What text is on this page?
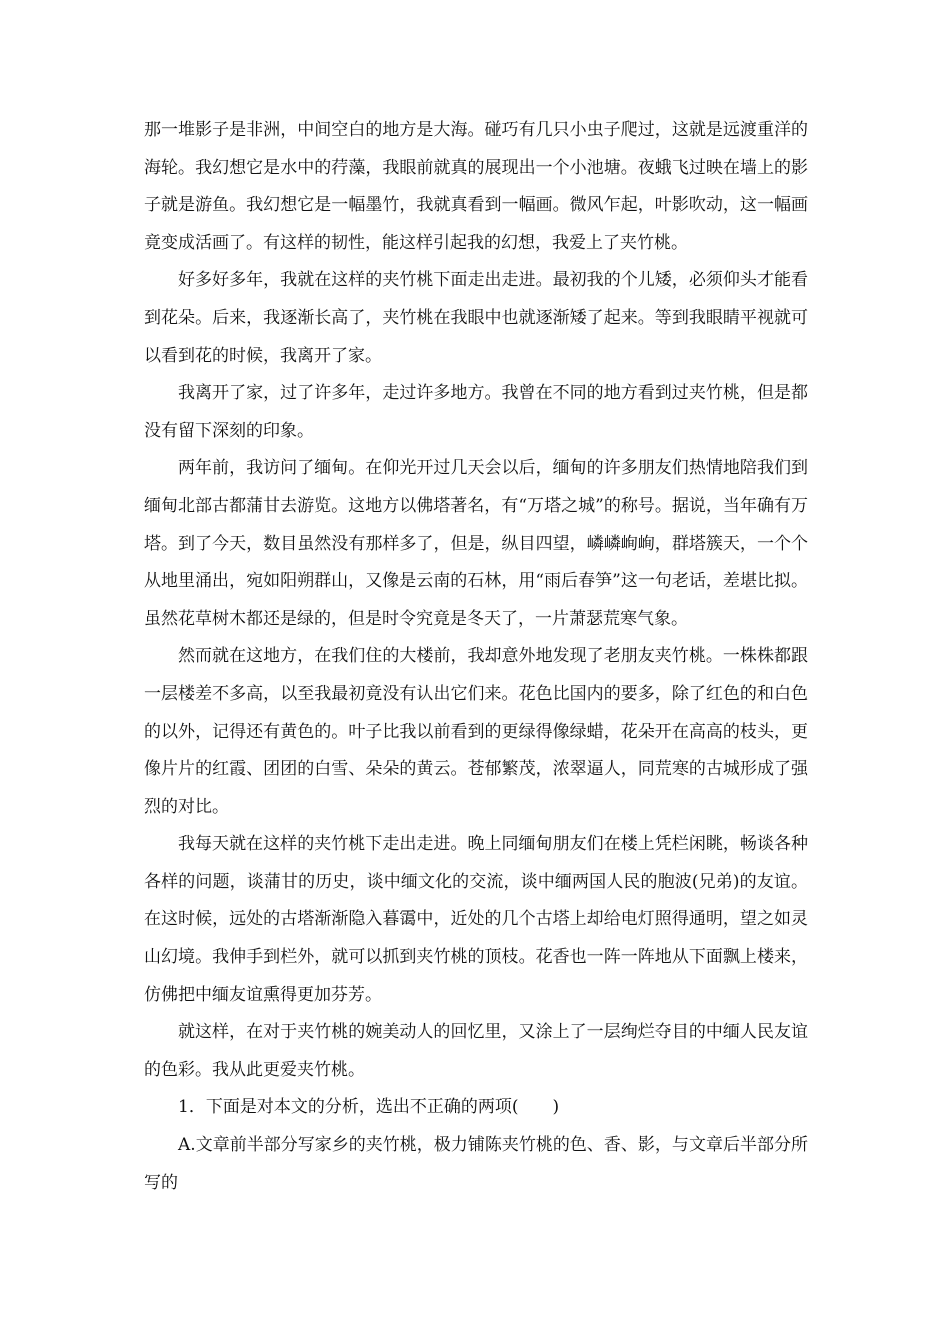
那一堆影子是非洲，中间空白的地方是大海。碰巧有几只小虫子爬过，这就是远渡重洋的海轮。我幻想它是水中的荇藻，我眼前就真的展现出一个小池塘。夜蛾飞过映在墙上的影子就是游鱼。我幻想它是一幅墨竹，我就真看到一幅画。微风乍起，叶影吹动，这一幅画竟变成活画了。有这样的韧性，能这样引起我的幻想，我爱上了夹竹桃。

好多好多年，我就在这样的夹竹桃下面走出走进。最初我的个儿矮，必须仰头才能看到花朵。后来，我逐渐长高了，夹竹桃在我眼中也就逐渐矮了起来。等到我眼睛平视就可以看到花的时候，我离开了家。

我离开了家，过了许多年，走过许多地方。我曾在不同的地方看到过夹竹桃，但是都没有留下深刻的印象。

两年前，我访问了缅甸。在仰光开过几天会以后，缅甸的许多朋友们热情地陪我们到缅甸北部古都蒲甘去游览。这地方以佛塔著名，有“万塔之城”的称号。据说，当年确有万塔。到了今天，数目虽然没有那样多了，但是，纵目四望，嶙嶙峋峋，群塔簇天，一个个从地里涌出，宛如阳朔群山，又像是云南的石林，用“雨后春笋”这一句老话，差堪比拟。虽然花草树木都还是绿的，但是时令究竟是冬天了，一片萧瑟荒寒气象。

然而就在这地方，在我们住的大楼前，我却意外地发现了老朋友夹竹桃。一株株都跟一层楼差不多高，以至我最初竟没有认出它们来。花色比国内的要多，除了红色的和白色的以外，记得还有黄色的。叶子比我以前看到的更绿得像绿蜡，花朵开在高高的枝头，更像片片的红霞、团团的白雪、朵朵的黄云。苍郁繁茂，浓翠逼人，同荒寒的古城形成了强烈的对比。

我每天就在这样的夹竹桃下走出走进。晚上同缅甸朋友们在楼上凭栏闲眺，畅谈各种各样的问题，谈蒲甘的历史，谈中缅文化的交流，谈中缅两国人民的胞波(兄弟)的友谊。在这时候，远处的古塔渐渐隐入暮霭中，近处的几个古塔上却给电灯照得通明，望之如灵山幻境。我伸手到栏外，就可以抓到夹竹桃的顶枝。花香也一阵一阵地从下面飘上楼来，仿佛把中缅友谊熏得更加芬芳。

就这样，在对于夹竹桃的婉美动人的回忆里，又涂上了一层绚烂夺目的中缅人民友谊的色彩。我从此更爱夹竹桃。

1．下面是对本文的分析，选出不正确的两项(　　)

A.文章前半部分写家乡的夹竹桃，极力铺陈夹竹桃的色、香、影，与文章后半部分所写的
